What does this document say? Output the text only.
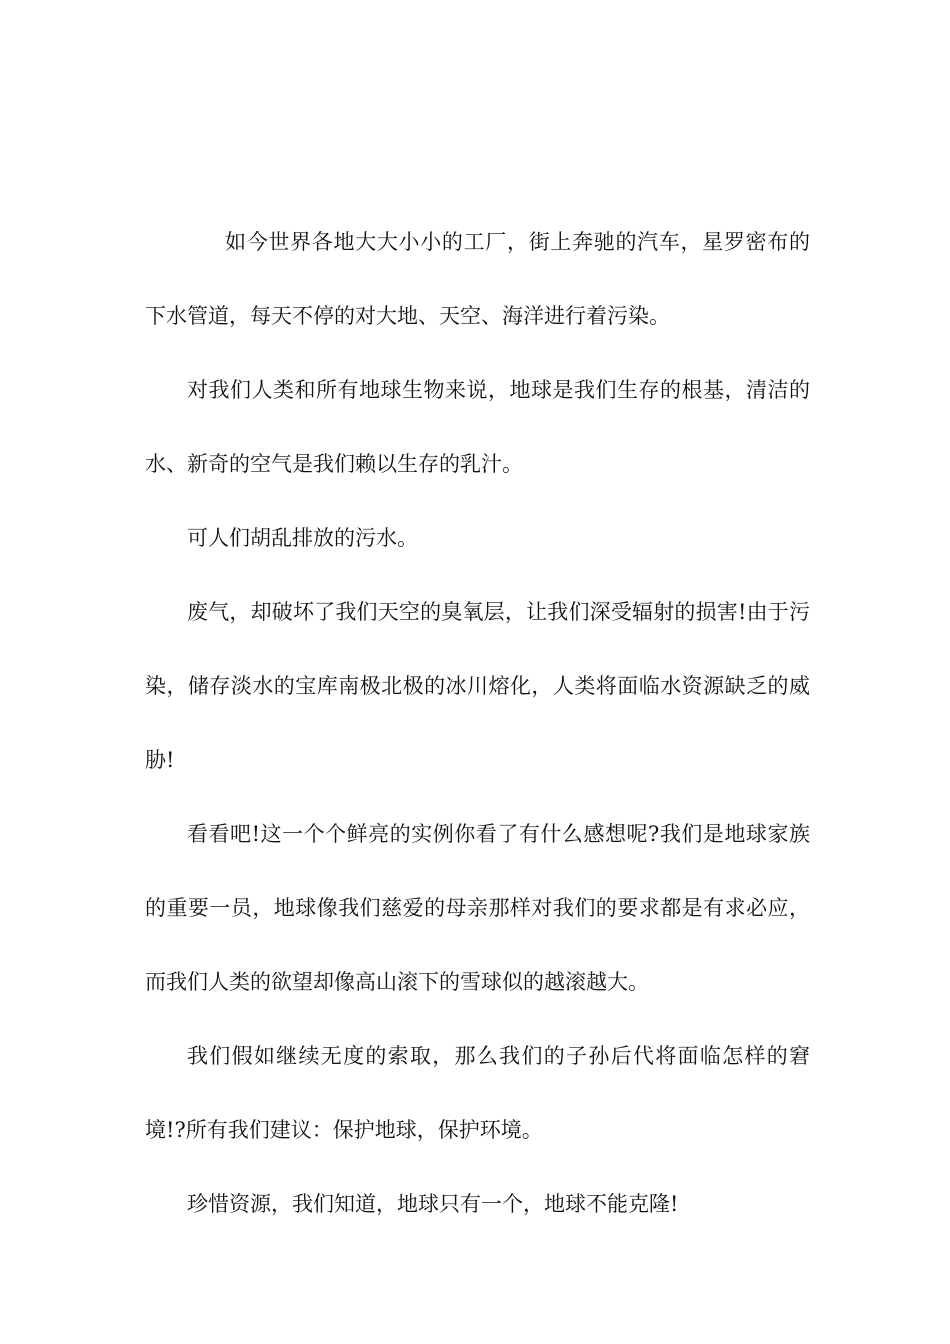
如今世界各地大大小小的工厂，街上奔驰的汽车，星罗密布的下水管道，每天不停的对大地、天空、海洋进行着污染。

对我们人类和所有地球生物来说，地球是我们生存的根基，清洁的水、新奇的空气是我们赖以生存的乳汁。

可人们胡乱排放的污水。

废气，却破坏了我们天空的臭氧层，让我们深受辐射的损害!由于污染，储存淡水的宝库南极北极的冰川熔化，人类将面临水资源缺乏的威胁!

看看吧!这一个个鲜亮的实例你看了有什么感想呢?我们是地球家族的重要一员，地球像我们慈爱的母亲那样对我们的要求都是有求必应，而我们人类的欲望却像高山滚下的雪球似的越滚越大。

我们假如继续无度的索取，那么我们的子孙后代将面临怎样的窘境!?所有我们建议：保护地球，保护环境。

珍惜资源，我们知道，地球只有一个，地球不能克隆!
